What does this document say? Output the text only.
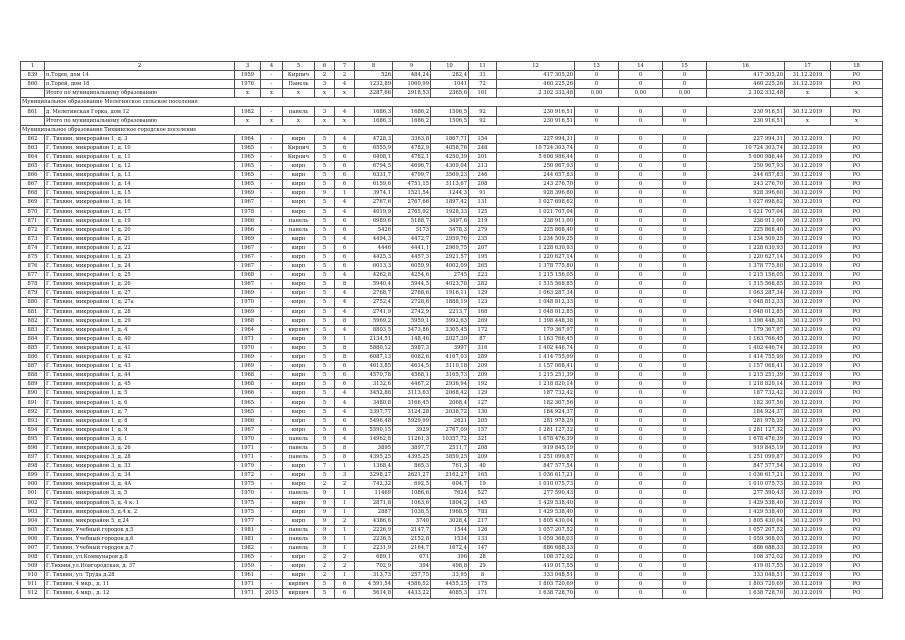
1	2	3	4	5	6	7	8	9	10	11	12	13	14	15	16	17	18
839	п.Тодев, дом 14	1959	-	Кирпич	2	2	526	484,24	282,4	31	417 305,20	0	0	0	417 305,20	31.12.2019	РО
860	п.Торей, дом 18	1976	-	Панель	3	4	1232,89	1060,99	1041	72	460 225,26	0	0	0	460 225,26	31.12.2019	РО
	Итого по муниципальному образованию	x	x	x	x	x	3287,66	2918,53	2365,6	161	2 302 332,48	0,00	0,00	0,00	2 302 332,48	x	x
Муниципальное образование Мелегинское сельское поселение																	
861	д. Мелегинская Горка, дом 12	1982	-	панель	3	4	1686,3	1686,2	1506,5	92	230 916,51	0	0	0	230 916,51	30.12.2019	РО
	Итого по муниципальному образованию	x	x	x	x	x	1686,3	1686,2	1506,5	92	230 916,51	0	0	0	230 916,51	x	x
Муниципальное образование Тихвинское городское поселение																	
862	Г. Тихвин, микрорайон 1, д. 3	1964	-	кирп	5	4	4728,3	3363,8	1867,71	154	227 994,31	0	0	0	227 994,31	30.12.2019	РО
863	Г. Тихвин, микрорайон 1, д. 10	1965	-	Кирпич	5	6	6555,9	4782,9	4058,76	248	10 724 303,74	0	0	0	10 724 303,74	30.12.2019	РО
864	Г. Тихвин, микрорайон 1, д. 11	1965	-	Кирпич	5	6	6408,1	4782,1	4250,39	201	5 600 986,44	0	0	0	5 600 986,44	30.12.2019	РО
865	Г. Тихвин, микрорайон 1, д. 12	1965	-	кирп	5	6	6794,5	4696,7	4309,04	213	250 967,93	0	0	0	250 967,93	30.12.2019	РО
866	Г. Тихвин, микрорайон 1, д. 13	1965	-	кирп	5	6	6331,7	4799,7	3509,23	246	244 657,83	0	0	0	244 657,83	30.12.2019	РО
867	Г. Тихвин, микрорайон 1, д. 14	1965	-	кирп	5	6	6159,6	4751,15	3113,67	208	243 276,70	0	0	0	243 276,70	30.12.2019	РО
868	Г. Тихвин, микрорайон 1, д. 15	1969	-	кирп	9	1	3974,1	1521,54	1244,3	91	928 396,60	0	0	0	928 396,60	30.12.2019	РО
869	Г. Тихвин, микрорайон 1, д. 16	1967	-	кирп	5	4	2767,6	2767,66	1897,42	131	1 027 698,62	0	0	0	1 027 698,62	30.12.2019	РО
870	Г. Тихвин, микрорайон 1, д. 17	1978	-	кирп	5	4	4019,9	2765,92	1928,33	125	1 021 707,04	0	0	0	1 021 707,04	30.12.2019	РО
871	Г. Тихвин, микрорайон 1, д. 19	1966	-	панель	5	6	6989,6	5188,7	3497,6	219	238 911,00	0	0	0	238 911,00	30.12.2019	РО
872	Г. Тихвин, микрорайон 1, д. 20	1966	-	панель	5	6	5426	5173	3478,3	279	225 868,40	0	0	0	225 868,40	30.12.2019	РО
873	Г. Тихвин, микрорайон 1, д. 21	1969	-	кирп	5	4	4494,3	4472,7	2959,76	235	1 234 509,25	0	0	0	1 234 509,25	30.12.2019	РО
874	Г. Тихвин, микрорайон 1, д. 22	1967	-	кирп	5	6	4446	4441,1	2969,75	207	1 228 630,93	0	0	0	1 228 630,93	30.12.2019	РО
875	Г. Тихвин, микрорайон 1, д. 23	1967	-	кирп	5	6	4425,3	4457,3	2921,57	195	1 220 627,14	0	0	0	1 220 627,14	30.12.2019	РО
876	Г. Тихвин, микрорайон 1, д. 24	1967	-	кирп	5	6	6013,3	6059,9	4002,09	265	1 378 775,80	0	0	0	1 378 775,80	30.12.2019	РО
877	Г. Тихвин, микрорайон 1, д. 25	1968	-	кирп	5	4	4262,8	4254,6	2745	223	1 215 156,05	0	0	0	1 215 156,05	30.12.2019	РО
878	Г. Тихвин, микрорайон 1, д. 26	1967	-	кирп	5	8	5940,4	5944,5	4023,78	282	1 515 568,85	0	0	0	1 515 568,85	30.12.2019	РО
879	Г. Тихвин, микрорайон 1, д. 27	1969	-	кирп	5	4	2768,7	2768,6	1916,11	129	1 063 287,34	0	0	0	1 063 287,34	30.12.2019	РО
880	Г. Тихвин, микрорайон 1, д. 27а	1970	-	кирп	5	4	2752,4	2728,6	1888,19	123	1 048 812,33	0	0	0	1 048 812,33	30.12.2019	РО
881	Г. Тихвин, микрорайон 1, д. 28	1969	-	кирп	5	4	2741,9	2742,9	2213,7	168	1 048 012,85	0	0	0	1 048 012,85	30.12.2019	РО
882	Г. Тихвин, микрорайон 1, д. 29	1968	-	кирп	5	8	5969,2	5959,1	3992,63	269	1 398 448,38	0	0	0	1 398 448,38	30.12.2019	РО
883	Г. Тихвин, микрорайон 1, д. 4	1964	-	кирпич	5	4	8803,5	3473,86	2305,45	172	179 367,97	0	0	0	179 367,97	30.12.2019	РО
884	Г. Тихвин, микрорайон 1, д. 40	1971	-	кирп	9	1	2134,51	148,46	2027,39	87	1 163 766,45	0	0	0	1 163 766,45	30.12.2019	РО
885	Г. Тихвин, микрорайон 1, д. 41	1970	-	кирп	5	8	5880,12	5987,3	3997	316	1 402 446,74	0	0	0	1 402 446,74	30.12.2019	РО
886	Г. Тихвин, микрорайон 1, д. 42	1969	-	кирп	5	8	6087,13	6082,6	4167,03	289	1 414 755,99	0	0	0	1 414 755,99	30.12.2019	РО
887	Г. Тихвин, микрорайон 1, д. 43	1969	-	кирп	5	6	4613,85	4614,5	3110,18	209	1 157 068,41	0	0	0	1 157 068,41	30.12.2019	РО
888	Г. Тихвин, микрорайон 1, д. 44	1968	-	кирп	5	6	4570,78	4568,1	3165,73	209	1 215 251,39	0	0	0	1 215 251,39	30.12.2019	РО
889	Г. Тихвин, микрорайон 1, д. 45	1968	-	кирп	5	6	3132,6	4467,2	2936,94	192	1 218 820,14	0	0	0	1 218 820,14	30.12.2019	РО
890	Г. Тихвин, микрорайон 1, д. 5	1966	-	кирп	5	4	3452,88	3113,63	2068,42	129	187 732,42	0	0	0	187 732,42	30.12.2019	РО
891	Г. Тихвин, микрорайон 1, д. 6	1965	-	кирп	5	4	3480,8	3166,45	2068,4	127	182 307,56	0	0	0	182 307,56	30.12.2019	РО
892	Г. Тихвин, микрорайон 1, д. 7	1965	-	кирп	5	4	3397,77	3124,28	2038,72	130	184 924,37	0	0	0	184 924,37	30.12.2019	РО
893	Г. Тихвин, микрорайон 1, д. 8	1966	-	кирп	5	6	5496,48	5929,99	2621	205	281 978,29	0	0	0	281 978,29	30.12.2019	РО
894	Г. Тихвин, микрорайон 1, д. 9	1967	-	кирп	5	6	5590,15	3929	2767,09	157	1 281 127,32	0	0	0	1 281 127,32	30.12.2019	РО
895	Г. Тихвин, микрорайон 3, д. 1	1970	-	панель	9	4	14962,8	11261,3	10357,72	321	1 678 476,39	0	0	0	1 678 476,39	30.12.2019	РО
896	Г. Тихвин, микрорайон 3, д. 26	1971	-	панель	5	8	3895	3897,7	2511,7	208	919 845,19	0	0	0	919 845,19	30.12.2019	РО
897	Г. Тихвин, микрорайон 3, д. 28	1971	-	панель	5	8	4395,25	4395,25	3859,25	209	1 251 099,87	0	0	0	1 251 099,87	30.12.2019	РО
898	Г. Тихвин, микрорайон 3, д. 33	1979	-	кирп	7	1	1368,4	865,3	761,3	40	847 577,54	0	0	0	847 577,54	30.12.2019	РО
899	Г. Тихвин, микрорайон 3, д. 34	1972	-	кирп	5	3	3298,27	2621,27	2162,27	165	1 036 617,21	0	0	0	1 036 617,21	30.12.2019	РО
900	Г. Тихвин, микрорайон 3, д. 4А	1975	-	кирп	2	2	742,32	692,5	604,7	19	1 010 075,73	0	0	0	1 010 075,73	30.12.2019	РО
901	Г. Тихвин, микрорайон 3, д. 5	1970	-	панель	9	1	11469	1086,6	7624	527	277 590,43	0	0	0	277 590,43	30.12.2019	РО
902	Г. Тихвин, микрорайон 5, д. 4 к. 1	1975	-	кирп	9	1	2871,8	1063,6	1804,2	145	1 429 538,40	0	0	0	1 429 538,40	30.12.2019	РО
903	Г. Тихвин, микрорайон 5, д.4 к. 2	1975	-	кирп	9	1	2887	1038,5	1968,5	783	1 429 538,40	0	0	0	1 429 538,40	30.12.2019	РО
904	Г. Тихвин, микрорайон 5, д.24	1977	-	кирп	9	2	4386,6	3740	3028,4	217	1 805 430,04	0	0	0	1 805 430,04	30.12.2019	РО
905	Г. Тихвин, Учебный городок д.5	1981	-	панель	9	1	2226,9	2147,7	1544	126	1 057 207,52	0	0	0	1 057 207,52	30.12.2019	РО
906	Г. Тихвин, Учебный городок д.6	1981	-	панель	9	1	2236,5	2152,8	1534	133	1 059 368,03	0	0	0	1 059 368,03	30.12.2019	РО
907	Г. Тихвин, Учебный городок д.7	1982	-	панель	9	1	2231,9	2164,7	1672,4	147	886 688,33	0	0	0	886 688,33	30.12.2019	РО
908	Г. Тихвин, ул.Коммунаров д.8	1965	-	кирп	2	2	689,1	671	396	28	108 372,02	0	0	0	108 372,02	30.12.2019	РО
909	Г.Тихвин,ул.Новгородская, д. 37	1959	-	кирп	2	2	702,9	394	498,8	29	419 017,55	0	0	0	419 017,55	30.12.2019	РО
910	Г. Тихвин, ул. Труда д.28	1961	-	кирп	2	1	313,73	257,75	33,95	8	333 048,51	0	0	0	333 048,51	30.12.2019	РО
911	Г. Тихвин, 4 мкр., д. 11	1971	-	кирпич	5	6	4 591,54	4586,52	4455,25	175	1 803 720,69	0	0	0	1 803 720,69	30.12.2019	РО
912	Г. Тихвин, 4 мкр., д. 12	1971	2015	кирпич	5	6	5614,8	4433,22	4085,3	171	1 638 728,70	0	0	0	1 638 728,70	30.12.2019	РО
